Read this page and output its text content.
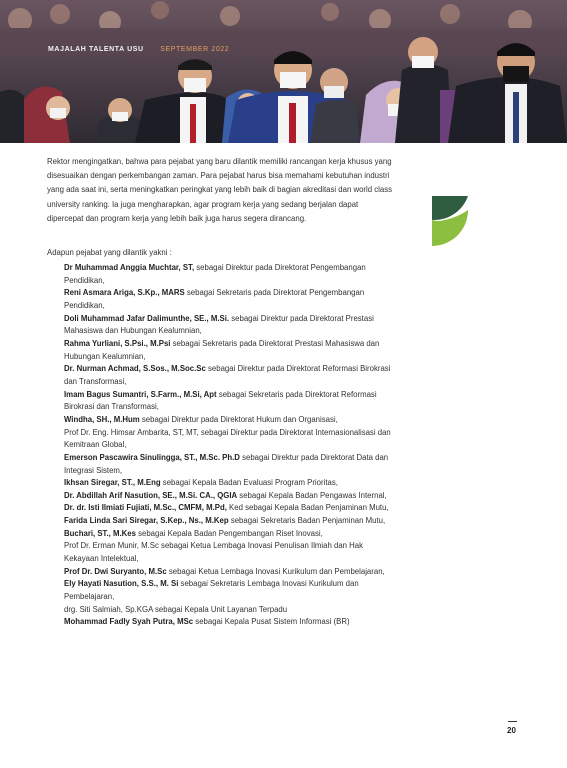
MAJALAH TALENTA USU SEPTEMBER 2022

Rektor mengingatkan, bahwa para pejabat yang baru dilantik memiliki rancangan kerja khusus yang disesuaikan dengan perkembangan zaman. Para pejabat harus bisa memahami kebutuhan industri yang ada saat ini, serta meningkatkan peringkat yang lebih baik di bagian akreditasi dan world class university ranking. Ia juga mengharapkan, agar program kerja yang sedang berjalan dapat dipercepat dan program kerja yang lebih baik juga harus segera dirancang.

Adapun pejabat yang dilantik yakni :
Dr Muhammad Anggia Muchtar, ST, sebagai Direktur pada Direktorat Pengembangan Pendidikan,
Reni Asmara Ariga, S.Kp., MARS sebagai Sekretaris pada Direktorat Pengembangan Pendidikan,
Doli Muhammad Jafar Dalimunthe, SE., M.Si. sebagai Direktur pada Direktorat Prestasi Mahasiswa dan Hubungan Kealumnian,
Rahma Yurliani, S.Psi., M.Psi sebagai Sekretaris pada Direktorat Prestasi Mahasiswa dan Hubungan Kealumnian,
Dr. Nurman Achmad, S.Sos., M.Soc.Sc sebagai Direktur pada Direktorat Reformasi Birokrasi dan Transformasi,
Imam Bagus Sumantri, S.Farm., M.Si, Apt sebagai Sekretaris pada Direktorat Reformasi Birokrasi dan Transformasi,
Windha, SH., M.Hum sebagai Direktur pada Direktorat Hukum dan Organisasi,
Prof Dr. Eng. Himsar Ambarita, ST, MT, sebagai Direktur pada Direktorat Internasionalisasi dan Kemitraan Global,
Emerson Pascawira Sinulingga, ST., M.Sc. Ph.D sebagai Direktur pada Direktorat Data dan Integrasi Sistem,
Ikhsan Siregar, ST., M.Eng sebagai Kepala Badan Evaluasi Program Prioritas,
Dr. Abdillah Arif Nasution, SE., M.Si. CA., QGIA sebagai Kepala Badan Pengawas Internal,
Dr. dr. Isti Ilmiati Fujiati, M.Sc., CMFM, M.Pd, Ked sebagai Kepala Badan Penjaminan Mutu,
Farida Linda Sari Siregar, S.Kep., Ns., M.Kep sebagai Sekretaris Badan Penjaminan Mutu,
Buchari, ST., M.Kes sebagai Kepala Badan Pengembangan Riset Inovasi,
Prof Dr. Erman Munir, M.Sc sebagai Ketua Lembaga Inovasi Penulisan Ilmiah dan Hak Kekayaan Intelektual,
Prof Dr. Dwi Suryanto, M.Sc sebagai Ketua Lembaga Inovasi Kurikulum dan Pembelajaran,
Ely Hayati Nasution, S.S., M. Si sebagai Sekretaris Lembaga Inovasi Kurikulum dan Pembelajaran,
drg. Siti Salmiah, Sp.KGA sebagai Kepala Unit Layanan Terpadu
Mohammad Fadly Syah Putra, MSc sebagai Kepala Pusat Sistem Informasi (BR)
20
